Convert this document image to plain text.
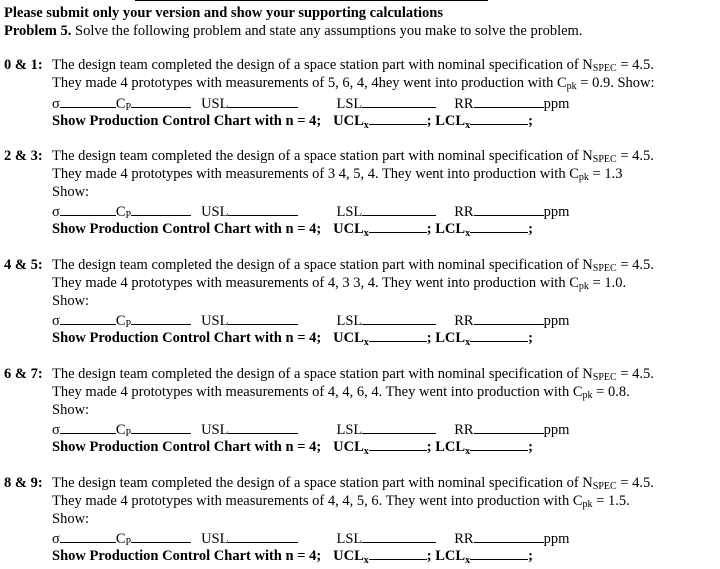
Please submit only your version and show your supporting calculations
Problem 5. Solve the following problem and state any assumptions you make to solve the problem.
0 & 1: The design team completed the design of a space station part with nominal specification of $N_{SPEC} = 4.5$.
They made 4 prototypes with measurements of 5, 6, 4, 4hey went into production with $C_{pk} = 0.9$. Show:
σ	$C_P$	USL	LSL	RR	ppm
Show Production Control Chart with n = 4; $UCL_x$	; $LCL_x$	;
2 & 3: The design team completed the design of a space station part with nominal specification of $N_{SPEC} = 4.5$.
They made 4 prototypes with measurements of 3 4, 5, 4. They went into production with $C_{pk} = 1.3$
Show:
σ	$C_P$	USL	LSL	RR	ppm
Show Production Control Chart with n = 4; $UCL_x$	; $LCL_x$	;
4 & 5: The design team completed the design of a space station part with nominal specification of $N_{SPEC} = 4.5$.
They made 4 prototypes with measurements of 4, 3 3, 4. They went into production with $C_{pk} = 1.0$.
Show:
σ	$C_P$	USL	LSL	RR	ppm
Show Production Control Chart with n = 4; $UCL_x$	; $LCL_x$	;
6 & 7: The design team completed the design of a space station part with nominal specification of $N_{SPEC} = 4.5$.
They made 4 prototypes with measurements of 4, 4, 6, 4. They went into production with $C_{pk} = 0.8$.
Show:
σ	$C_P$	USL	LSL	RR	ppm
Show Production Control Chart with n = 4; $UCL_x$	; $LCL_x$	;
8 & 9: The design team completed the design of a space station part with nominal specification of $N_{SPEC} = 4.5$.
They made 4 prototypes with measurements of 4, 4, 5, 6. They went into production with $C_{pk} = 1.5$.
Show:
σ	$C_P$	USL	LSL	RR	ppm
Show Production Control Chart with n = 4; $UCL_x$	; $LCL_x$	;
